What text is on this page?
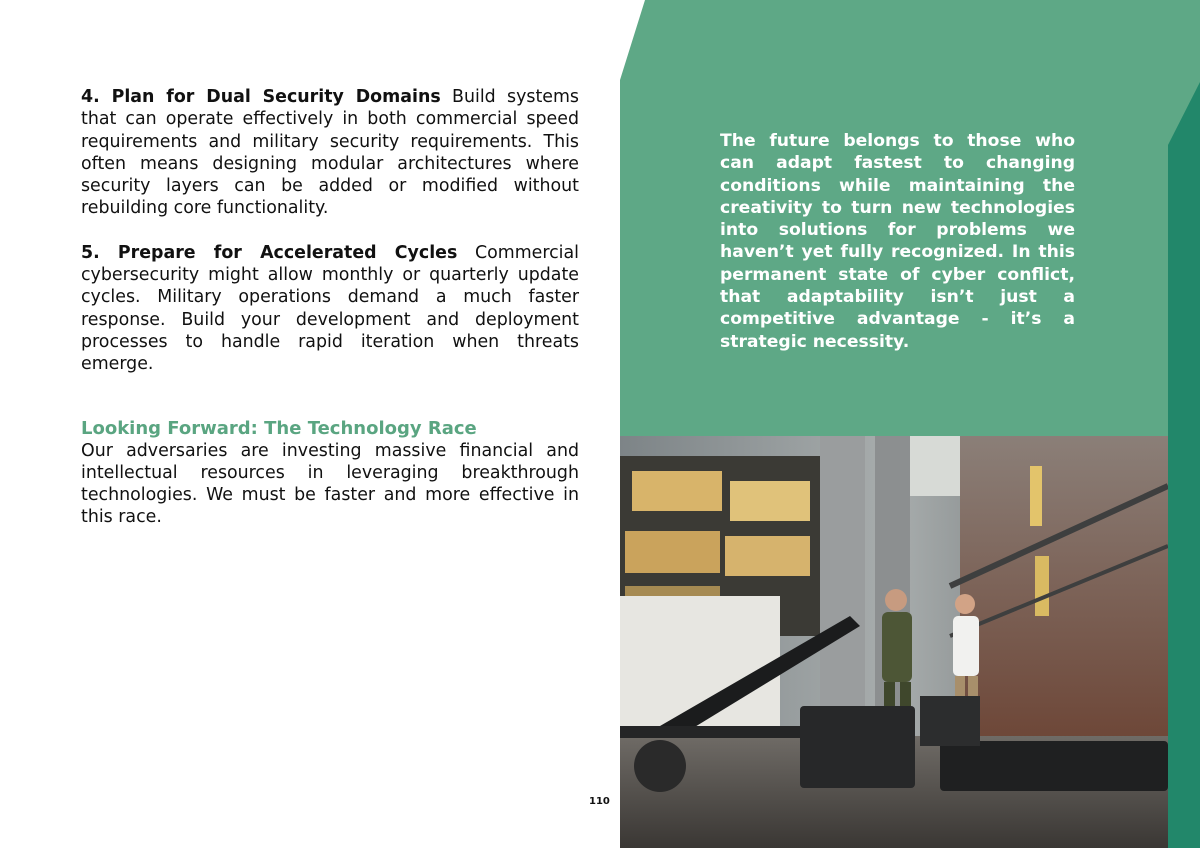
4. Plan for Dual Security Domains Build systems that can operate effectively in both commercial speed requirements and military security requirements. This often means designing modular architectures where security layers can be added or modified without rebuilding core functionality.

5. Prepare for Accelerated Cycles Commercial cybersecurity might allow monthly or quarterly update cycles. Military operations demand a much faster response. Build your development and deployment processes to handle rapid iteration when threats emerge.

Looking Forward: The Technology Race

Our adversaries are investing massive financial and intellectual resources in leveraging breakthrough technologies. We must be faster and more effective in this race.

110

The future belongs to those who can adapt fastest to changing conditions while maintaining the creativity to turn new technologies into solutions for problems we haven’t yet fully recognized. In this permanent state of cyber conflict, that adaptability isn’t just a competitive advantage - it’s a strategic necessity.
